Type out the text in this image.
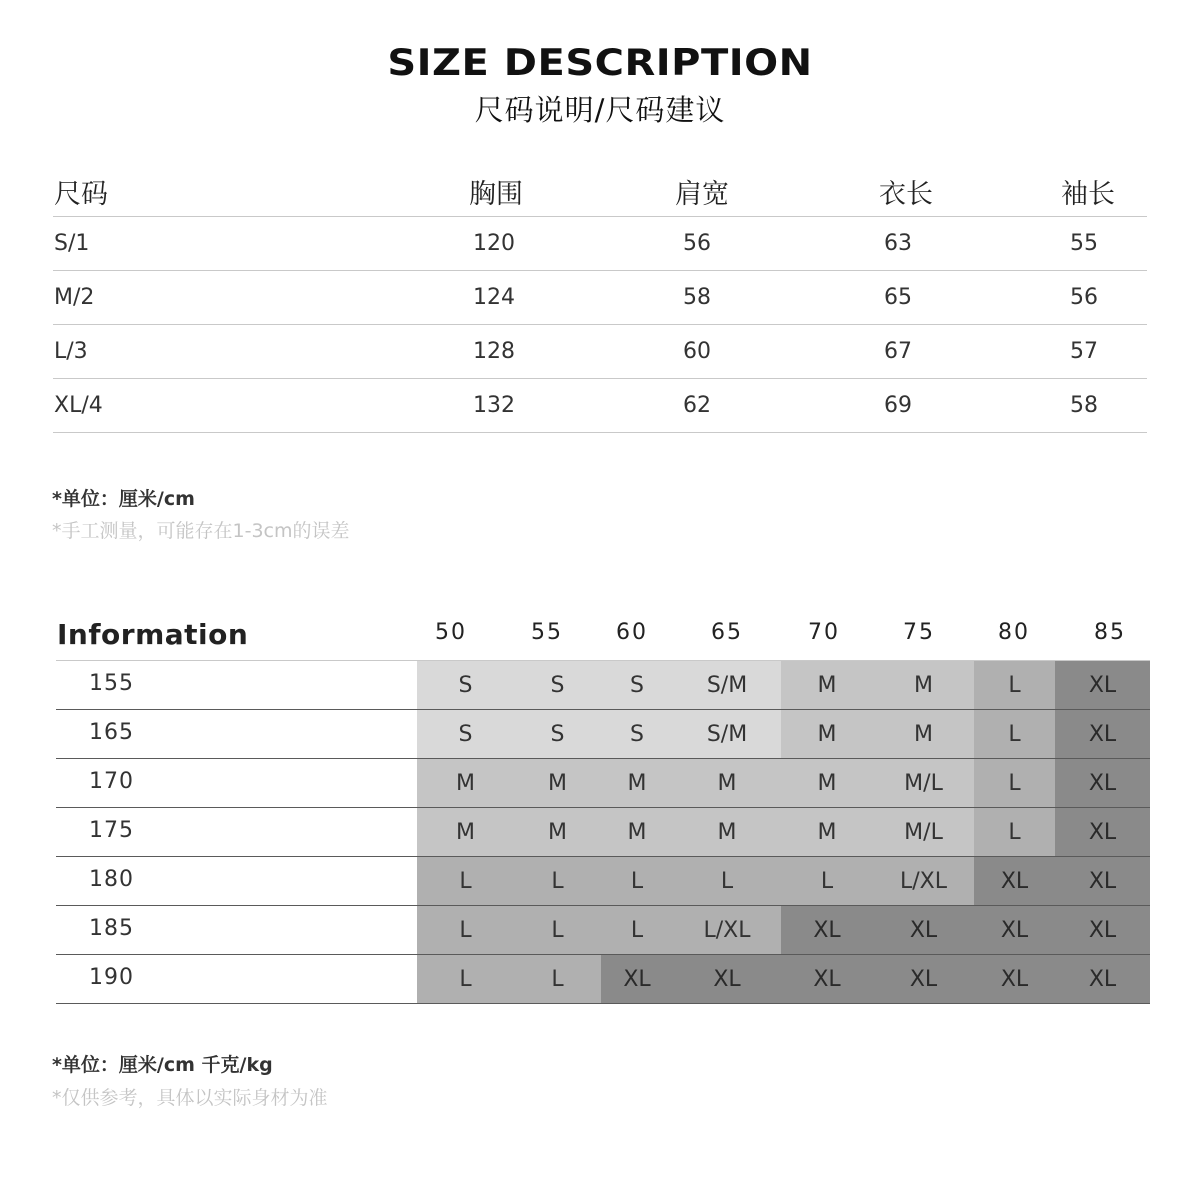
SIZE DESCRIPTION
尺码说明/尺码建议
尺码	胸围	肩宽	衣长	袖长
S/1	120	56	63	55
M/2	124	58	65	56
L/3	128	60	67	57
XL/4	132	62	69	58
*单位：厘米/cm
*手工测量，可能存在1-3cm的误差
Information	50	55	60	65	70	75	80	85
155	S	S	S	S/M	M	M	L	XL
165	S	S	S	S/M	M	M	L	XL
170	M	M	M	M	M	M/L	L	XL
175	M	M	M	M	M	M/L	L	XL
180	L	L	L	L	L	L/XL	XL	XL
185	L	L	L	L/XL	XL	XL	XL	XL
190	L	L	XL	XL	XL	XL	XL	XL
*单位：厘米/cm 千克/kg
*仅供参考，具体以实际身材为准
